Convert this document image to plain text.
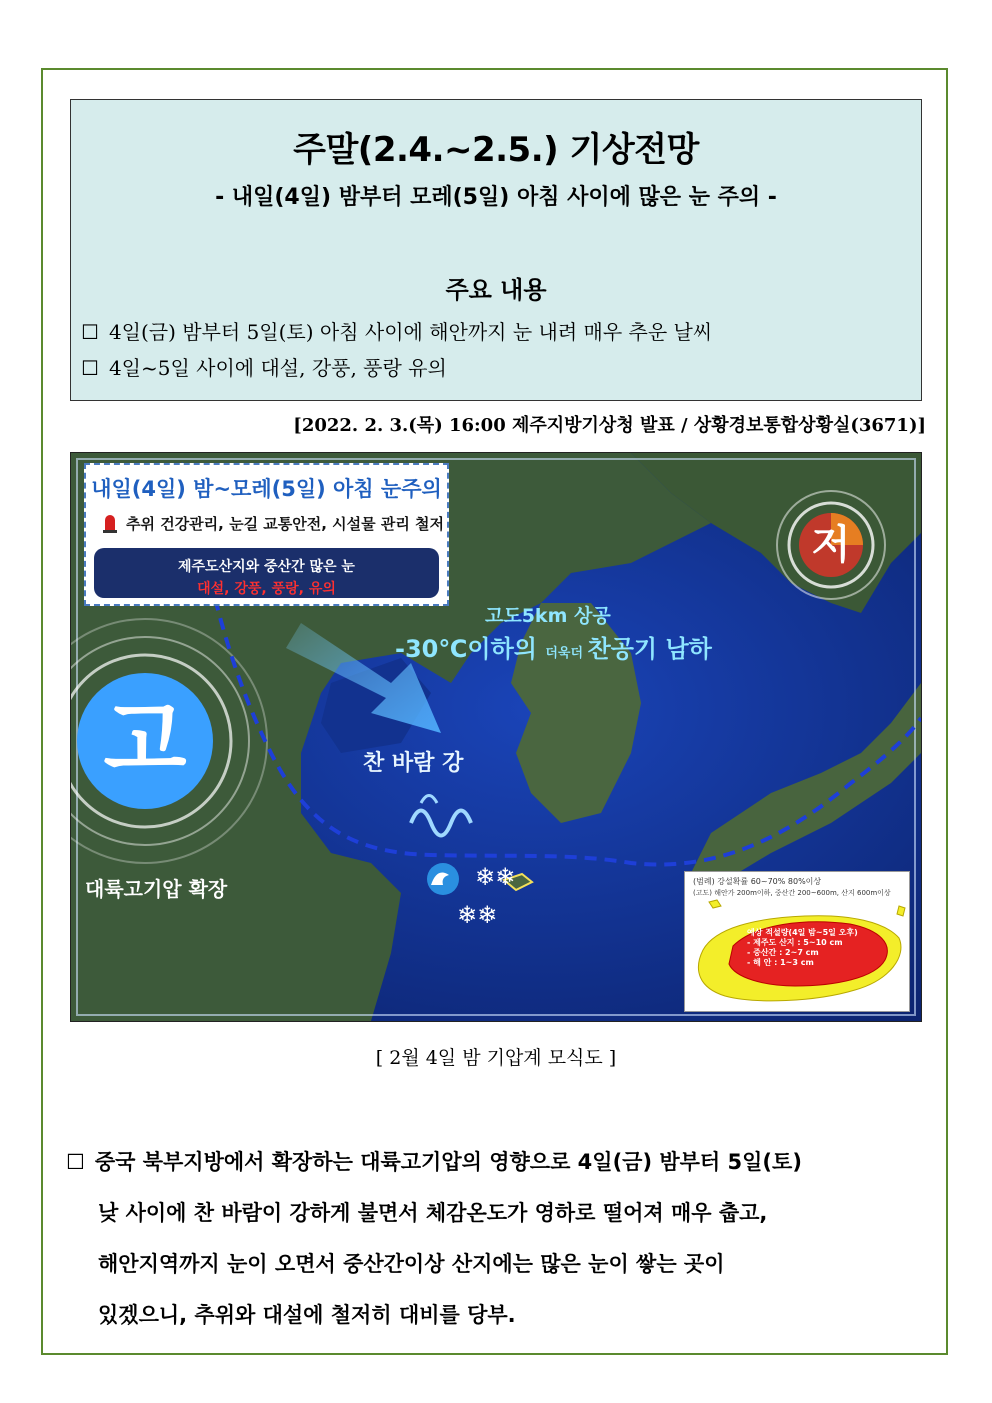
주말(2.4.~2.5.) 기상전망
- 내일(4일) 밤부터 모레(5일) 아침 사이에 많은 눈 주의 -
주요 내용
☐ 4일(금) 밤부터 5일(토) 아침 사이에 해안까지 눈 내려 매우 추운 날씨
☐ 4일~5일 사이에 대설, 강풍, 풍랑 유의
[2022. 2. 3.(목) 16:00 제주지방기상청 발표 / 상황경보통합상황실(3671)]
❄❄
❄❄
내일(4일) 밤~모레(5일) 아침 눈주의
추위 건강관리, 눈길 교통안전, 시설물 관리 철저
제주도산지와 중산간 많은 눈
대설, 강풍, 풍랑, 유의
저
고
대륙고기압 확장
고도5km 상공
-30℃이하의 더욱더 찬공기 남하
찬 바람 강
(범례) 강설확률 60~70% 80%이상
(고도) 해안가 200m이하, 중산간 200~600m, 산지 600m이상
예상 적설량(4일 밤~5일 오후)
- 제주도 산지 : 5~10 cm
- 중산간 : 2~7 cm
- 해 안 : 1~3 cm
[ 2월 4일 밤 기압계 모식도 ]
☐ 중국 북부지방에서 확장하는 대륙고기압의 영향으로 4일(금) 밤부터 5일(토)
낮 사이에 찬 바람이 강하게 불면서 체감온도가 영하로 떨어져 매우 춥고,
해안지역까지 눈이 오면서 중산간이상 산지에는 많은 눈이 쌓는 곳이
있겠으니, 추위와 대설에 철저히 대비를 당부.
